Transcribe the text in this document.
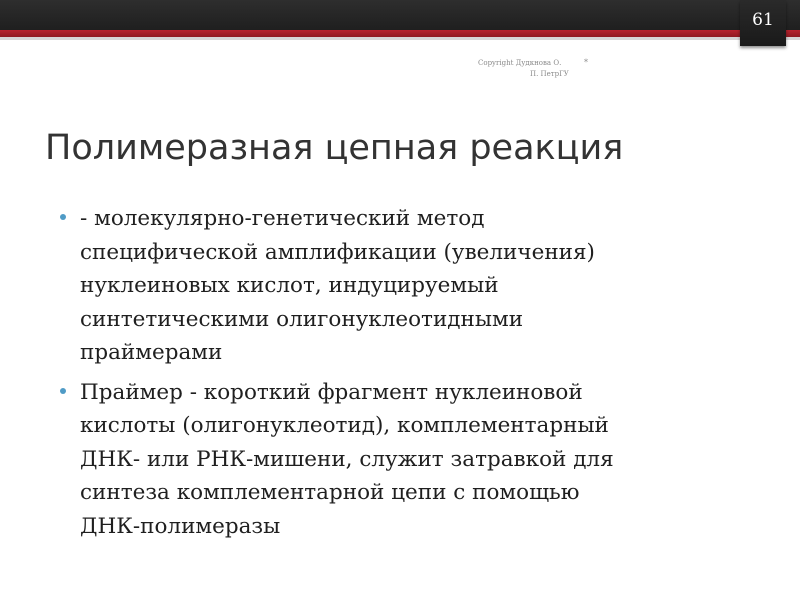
61
Copyright Дудкнова О.
П. ПетрГУ
*
Полимеразная цепная реакция
- молекулярно-генетический метод
специфической амплификации (увеличения)
нуклеиновых кислот, индуцируемый
синтетическими олигонуклеотидными
праймерами
Праймер - короткий фрагмент нуклеиновой
кислоты (олигонуклеотид), комплементарный
ДНК- или РНК-мишени, служит затравкой для
синтеза комплементарной цепи с помощью
ДНК-полимеразы
